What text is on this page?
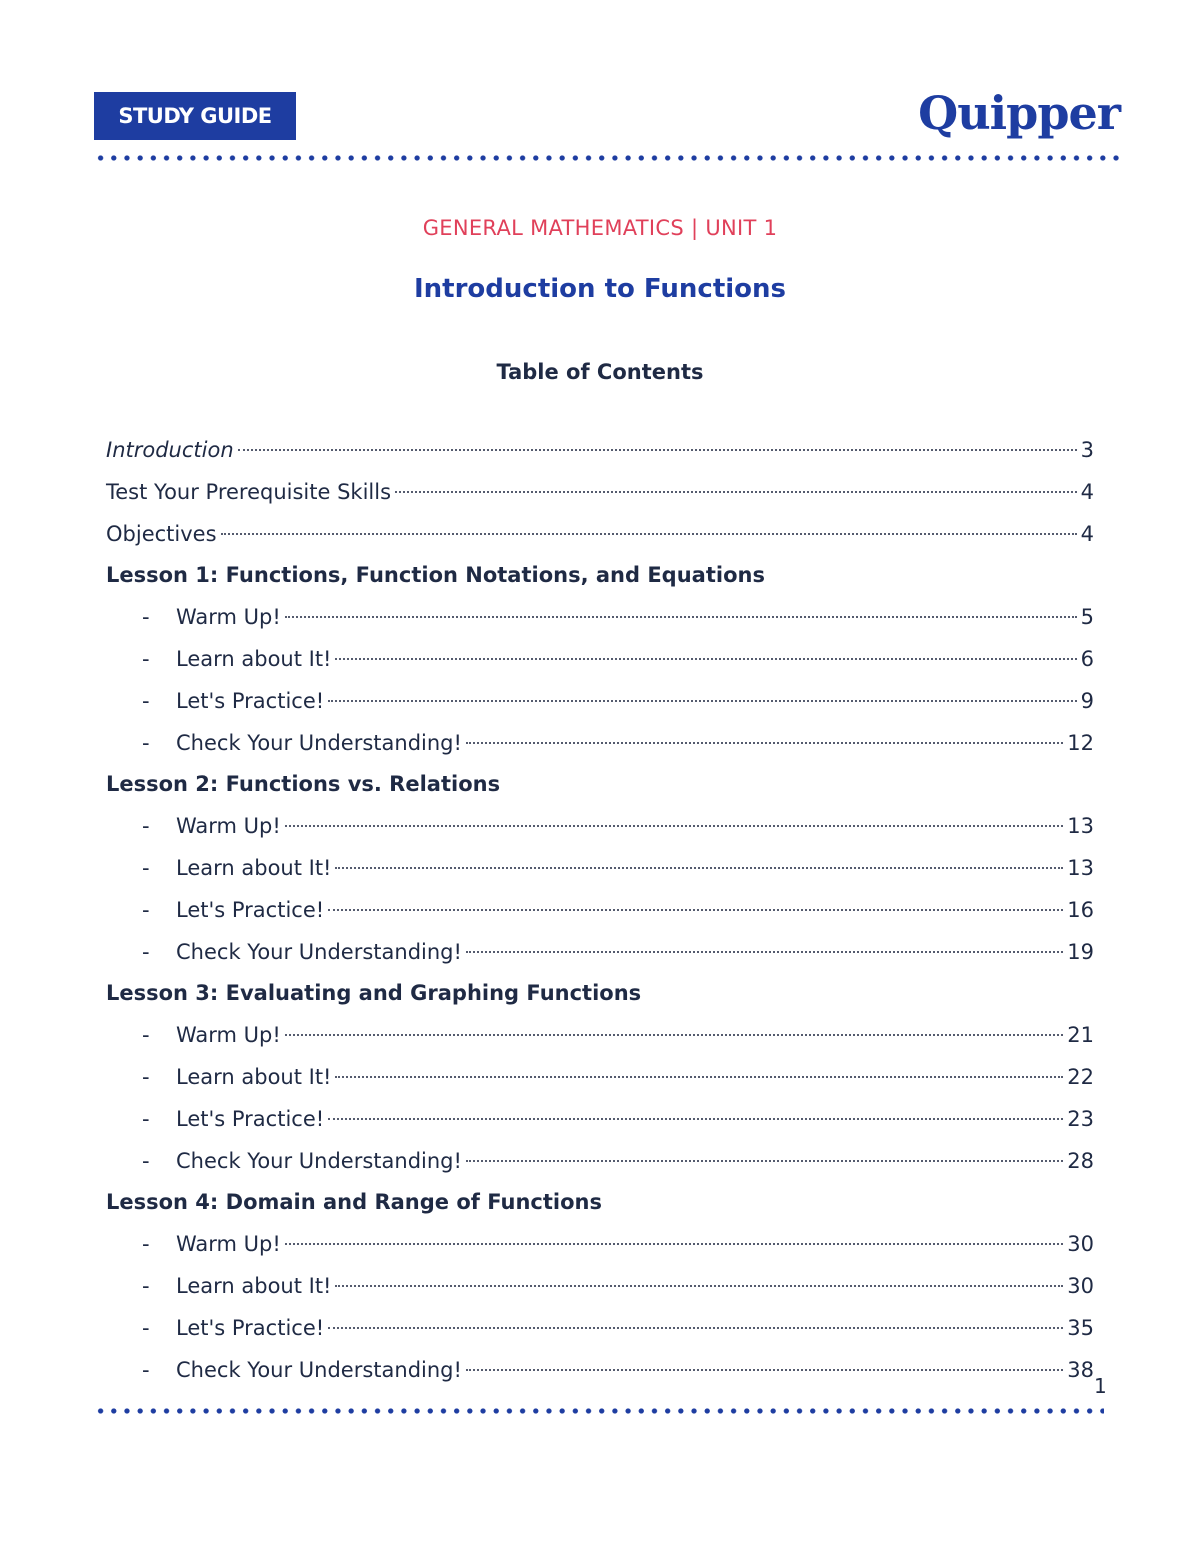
STUDY GUIDE	Quipper
GENERAL MATHEMATICS | UNIT 1
Introduction to Functions
Table of Contents
Introduction	3
Test Your Prerequisite Skills	4
Objectives	4
Lesson 1: Functions, Function Notations, and Equations
-	Warm Up!	5
-	Learn about It!	6
-	Let's Practice!	9
-	Check Your Understanding!	12
Lesson 2: Functions vs. Relations
-	Warm Up!	13
-	Learn about It!	13
-	Let's Practice!	16
-	Check Your Understanding!	19
Lesson 3: Evaluating and Graphing Functions
-	Warm Up!	21
-	Learn about It!	22
-	Let's Practice!	23
-	Check Your Understanding!	28
Lesson 4: Domain and Range of Functions
-	Warm Up!	30
-	Learn about It!	30
-	Let's Practice!	35
-	Check Your Understanding!	38
1
